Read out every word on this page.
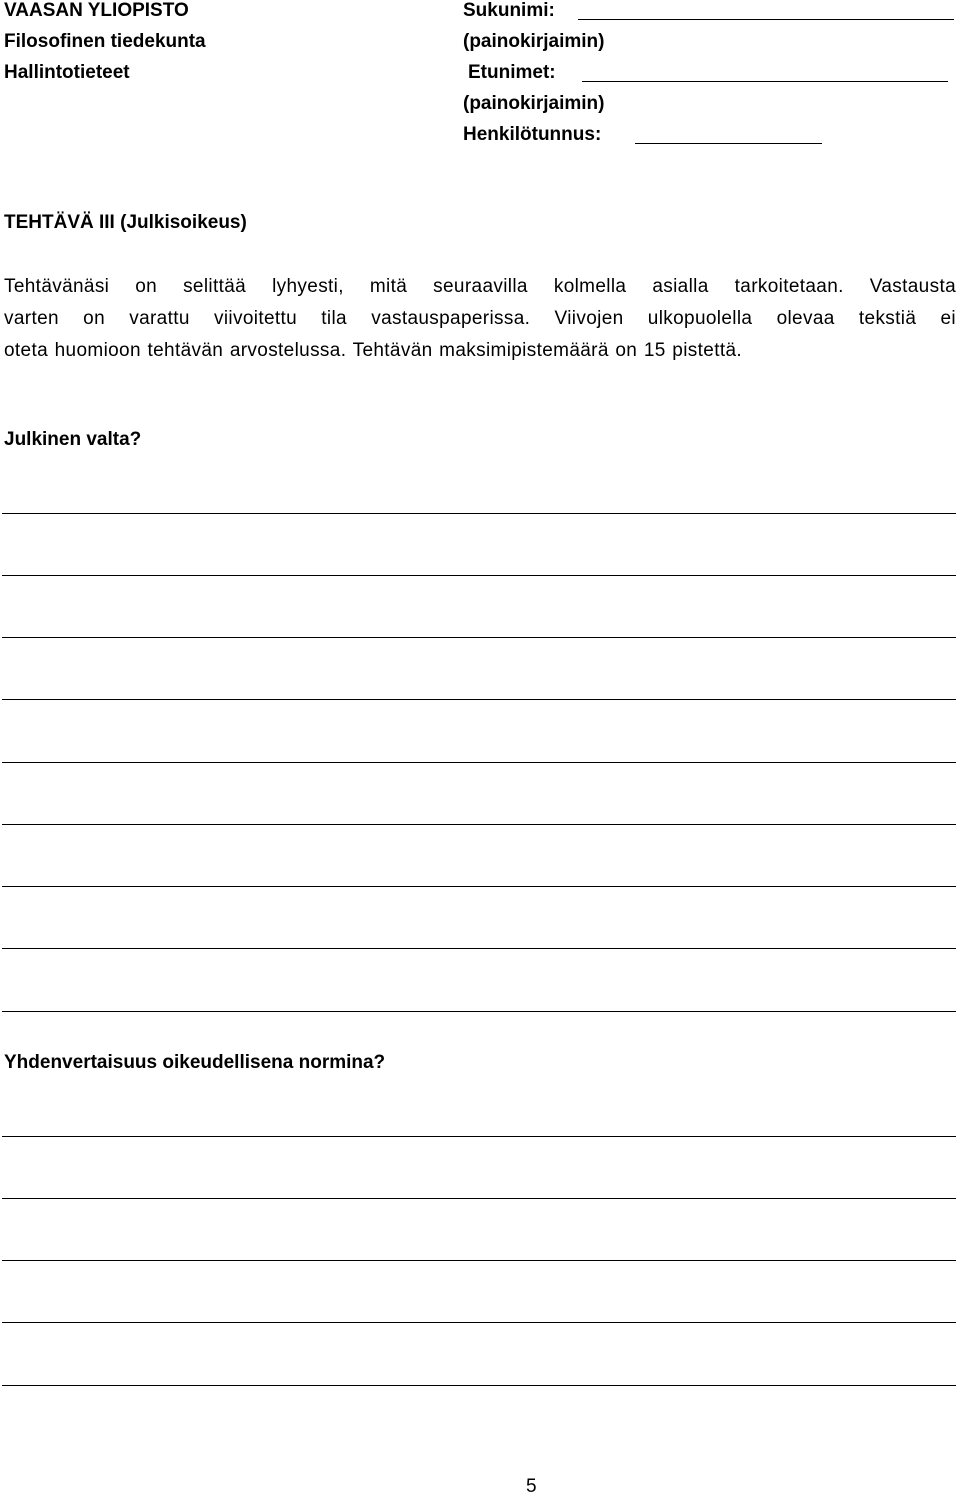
VAASAN YLIOPISTO
Filosofinen tiedekunta
Hallintotieteet
Sukunimi:
(painokirjaimin)
Etunimet:
(painokirjaimin)
Henkilötunnus:
TEHTÄVÄ III (Julkisoikeus)
Tehtävänäsi on selittää lyhyesti, mitä seuraavilla kolmella asialla tarkoitetaan. Vastausta
varten on varattu viivoitettu tila vastauspaperissa. Viivojen ulkopuolella olevaa tekstiä ei
oteta huomioon tehtävän arvostelussa. Tehtävän maksimipistemäärä on 15 pistettä.
Julkinen valta?
Yhdenvertaisuus oikeudellisena normina?
5
